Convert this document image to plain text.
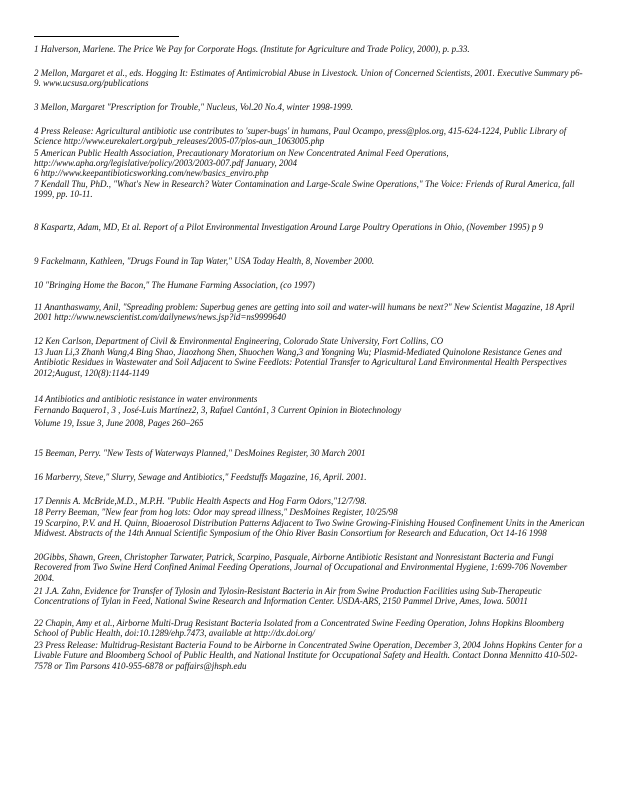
1 Halverson, Marlene. The Price We Pay for Corporate Hogs. (Institute for Agriculture and Trade Policy, 2000), p. p.33.

2 Mellon, Margaret et al., eds. Hogging It: Estimates of Antimicrobial Abuse in Livestock. Union of Concerned Scientists, 2001. Executive Summary p6-9. www.ucsusa.org/publications

3 Mellon, Margaret "Prescription for Trouble," Nucleus, Vol.20 No.4, winter 1998-1999.

4 Press Release: Agricultural antibiotic use contributes to 'super-bugs' in humans, Paul Ocampo, press@plos.org, 415-624-1224, Public Library of Science http://www.eurekalert.org/pub_releases/2005-07/plos-aun_1063005.php

5 American Public Health Association, Precautionary Moratorium on New Concentrated Animal Feed Operations, http://www.apha.org/legislative/policy/2003/2003-007.pdf January, 2004

6 http://www.keepantibioticsworking.com/new/basics_enviro.php

7 Kendall Thu, PhD., "What's New in Research? Water Contamination and Large-Scale Swine Operations," The Voice: Friends of Rural America, fall 1999, pp. 10-11.

8 Kaspartz, Adam, MD, Et al. Report of a Pilot Environmental Investigation Around Large Poultry Operations in Ohio, (November 1995) p 9

9 Fackelmann, Kathleen, "Drugs Found in Tap Water," USA Today Health, 8, November 2000.

10 "Bringing Home the Bacon," The Humane Farming Association, (co 1997)

11 Ananthaswamy, Anil, "Spreading problem: Superbug genes are getting into soil and water-will humans be next?" New Scientist Magazine, 18 April 2001 http://www.newscientist.com/dailynews/news.jsp?id=ns9999640

12 Ken Carlson, Department of Civil & Environmental Engineering, Colorado State University, Fort Collins, CO

13 Juan Li,3 Zhanh Wang,4 Bing Shao, Jiaozhong Shen, Shuochen Wang,3 and Yongning Wu; Plasmid-Mediated Quinolone Resistance Genes and Antibiotic Residues in Wastewater and Soil Adjacent to Swine Feedlots: Potential Transfer to Agricultural Land Environmental Health Perspectives 2012;August, 120(8):1144-1149

14 Antibiotics and antibiotic resistance in water environments

Fernando Baquero1, 3 , José-Luis Martínez2, 3, Rafael Cantón1, 3 Current Opinion in Biotechnology

Volume 19, Issue 3, June 2008, Pages 260–265

15 Beeman, Perry. "New Tests of Waterways Planned," DesMoines Register, 30 March 2001

16 Marberry, Steve," Slurry, Sewage and Antibiotics," Feedstuffs Magazine, 16, April. 2001.

17 Dennis A. McBride,M.D., M.P.H. "Public Health Aspects and Hog Farm Odors,"12/7/98.

18 Perry Beeman, "New fear from hog lots: Odor may spread illness," DesMoines Register, 10/25/98

19 Scarpino, P.V. and H. Quinn, Bioaerosol Distribution Patterns Adjacent to Two Swine Growing-Finishing Housed Confinement Units in the American Midwest. Abstracts of the 14th Annual Scientific Symposium of the Ohio River Basin Consortium for Research and Education, Oct 14-16 1998

20Gibbs, Shawn, Green, Christopher Tarwater, Patrick, Scarpino, Pasquale, Airborne Antibiotic Resistant and Nonresistant Bacteria and Fungi Recovered from Two Swine Herd Confined Animal Feeding Operations, Journal of Occupational and Environmental Hygiene, 1:699-706 November 2004.

21 J.A. Zahn, Evidence for Transfer of Tylosin and Tylosin-Resistant Bacteria in Air from Swine Production Facilities using Sub-Therapeutic Concentrations of Tylan in Feed, National Swine Research and Information Center. USDA-ARS, 2150 Pammel Drive, Ames, Iowa. 50011

22 Chapin, Amy et al., Airborne Multi-Drug Resistant Bacteria Isolated from a Concentrated Swine Feeding Operation, Johns Hopkins Bloomberg School of Public Health, doi:10.1289/ehp.7473, available at http://dx.doi.org/

23 Press Release: Multidrug-Resistant Bacteria Found to be Airborne in Concentrated Swine Operation, December 3, 2004 Johns Hopkins Center for a Livable Future and Bloomberg School of Public Health, and National Institute for Occupational Safety and Health. Contact Donna Mennitto 410-502-7578 or Tim Parsons 410-955-6878 or paffairs@jhsph.edu
